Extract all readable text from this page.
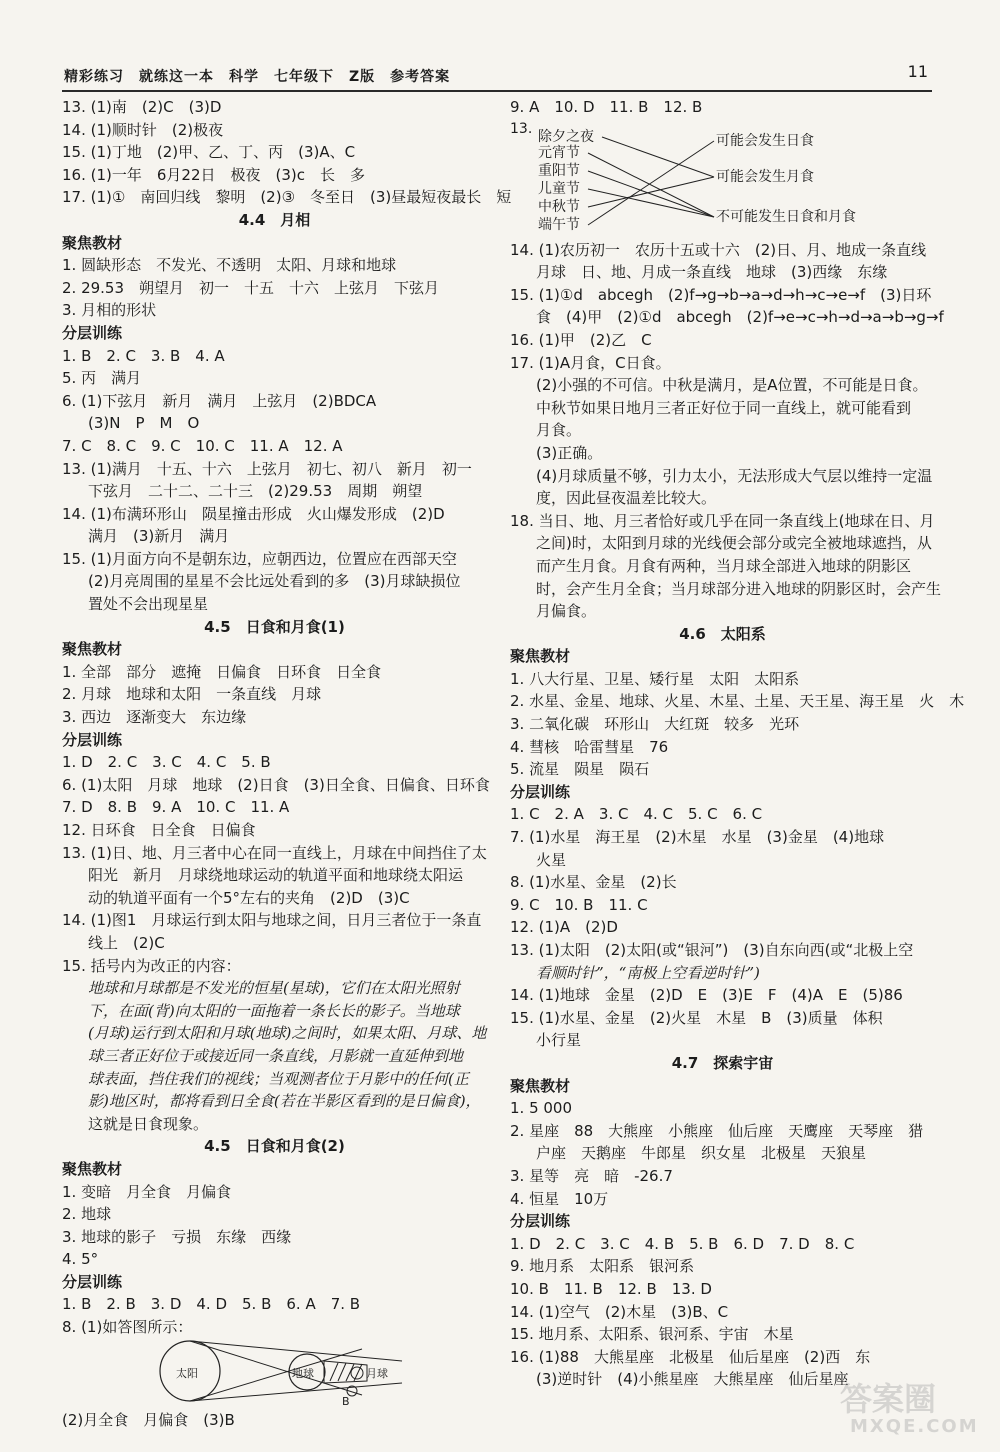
精彩练习　就练这一本　科学　七年级下　Z版　参考答案	11
13. (1)南　(2)C　(3)D
14. (1)顺时针　(2)极夜
15. (1)丁地　(2)甲、乙、丁、丙　(3)A、C
16. (1)一年　6月22日　极夜　(3)c　长　多
17. (1)①　南回归线　黎明　(2)③　冬至日　(3)昼最短夜最长　短
4.4　月相
聚焦教材
1. 圆缺形态　不发光、不透明　太阳、月球和地球
2. 29.53　朔望月　初一　十五　十六　上弦月　下弦月
3. 月相的形状
分层训练
1. B　2. C　3. B　4. A
5. 丙　满月
6. (1)下弦月　新月　满月　上弦月　(2)BDCA
(3)N　P　M　O
7. C　8. C　9. C　10. C　11. A　12. A
13. (1)满月　十五、十六　上弦月　初七、初八　新月　初一
下弦月　二十二、二十三　(2)29.53　周期　朔望
14. (1)布满环形山　陨星撞击形成　火山爆发形成　(2)D
满月　(3)新月　满月
15. (1)月面方向不是朝东边，应朝西边，位置应在西部天空
(2)月亮周围的星星不会比远处看到的多　(3)月球缺损位
置处不会出现星星
4.5　日食和月食(1)
聚焦教材
1. 全部　部分　遮掩　日偏食　日环食　日全食
2. 月球　地球和太阳　一条直线　月球
3. 西边　逐渐变大　东边缘
分层训练
1. D　2. C　3. C　4. C　5. B
6. (1)太阳　月球　地球　(2)日食　(3)日全食、日偏食、日环食
7. D　8. B　9. A　10. C　11. A
12. 日环食　日全食　日偏食
13. (1)日、地、月三者中心在同一直线上，月球在中间挡住了太
阳光　新月　月球绕地球运动的轨道平面和地球绕太阳运
动的轨道平面有一个5°左右的夹角　(2)D　(3)C
14. (1)图1　月球运行到太阳与地球之间，日月三者位于一条直
线上　(2)C
15. 括号内为改正的内容：
地球和月球都是不发光的恒星(星球)，它们在太阳光照射
下，在面(背)向太阳的一面拖着一条长长的影子。当地球
(月球)运行到太阳和月球(地球)之间时，如果太阳、月球、地
球三者正好位于或接近同一条直线，月影就一直延伸到地
球表面，挡住我们的视线；当观测者位于月影中的任何(正
影)地区时，都将看到日全食(若在半影区看到的是日偏食)，
这就是日食现象。
4.5　日食和月食(2)
聚焦教材
1. 变暗　月全食　月偏食
2. 地球
3. 地球的影子　亏损　东缘　西缘
4. 5°
分层训练
1. B　2. B　3. D　4. D　5. B　6. A　7. B
8. (1)如答图所示：
太阳	地球	月球
B
(2)月全食　月偏食　(3)B
9. A　10. D　11. B　12. B
13. 除夕之夜
元宵节
重阳节
儿童节
中秋节
端午节
可能会发生日食
可能会发生月食
不可能发生日食和月食
14. (1)农历初一　农历十五或十六　(2)日、月、地成一条直线
月球　日、地、月成一条直线　地球　(3)西缘　东缘
15. (1)①d　abcegh　(2)f→g→b→a→d→h→c→e→f　(3)日环
食　(4)甲　(2)①d　abcegh　(2)f→e→c→h→d→a→b→g→f
16. (1)甲　(2)乙　C
17. (1)A月食，C日食。
(2)小强的不可信。中秋是满月，是A位置，不可能是日食。
中秋节如果日地月三者正好位于同一直线上，就可能看到
月食。
(3)正确。
(4)月球质量不够，引力太小，无法形成大气层以维持一定温
度，因此昼夜温差比较大。
18. 当日、地、月三者恰好或几乎在同一条直线上(地球在日、月
之间)时，太阳到月球的光线便会部分或完全被地球遮挡，从
而产生月食。月食有两种，当月球全部进入地球的阴影区
时，会产生月全食；当月球部分进入地球的阴影区时，会产生
月偏食。
4.6　太阳系
聚焦教材
1. 八大行星、卫星、矮行星　太阳　太阳系
2. 水星、金星、地球、火星、木星、土星、天王星、海王星　火　木
3. 二氧化碳　环形山　大红斑　较多　光环
4. 彗核　哈雷彗星　76
5. 流星　陨星　陨石
分层训练
1. C　2. A　3. C　4. C　5. C　6. C
7. (1)水星　海王星　(2)木星　水星　(3)金星　(4)地球
火星
8. (1)水星、金星　(2)长
9. C　10. B　11. C
12. (1)A　(2)D
13. (1)太阳　(2)太阳(或“银河”)　(3)自东向西(或“北极上空
看顺时针”，“南极上空看逆时针”)
14. (1)地球　金星　(2)D　E　(3)E　F　(4)A　E　(5)86
15. (1)水星、金星　(2)火星　木星　B　(3)质量　体积
小行星
4.7　探索宇宙
聚焦教材
1. 5 000
2. 星座　88　大熊座　小熊座　仙后座　天鹰座　天琴座　猎
户座　天鹅座　牛郎星　织女星　北极星　天狼星
3. 星等　亮　暗　-26.7
4. 恒星　10万
分层训练
1. D　2. C　3. C　4. B　5. B　6. D　7. D　8. C
9. 地月系　太阳系　银河系
10. B　11. B　12. B　13. D
14. (1)空气　(2)木星　(3)B、C
15. 地月系、太阳系、银河系、宇宙　木星
16. (1)88　大熊星座　北极星　仙后星座　(2)西　东
(3)逆时针　(4)小熊星座　大熊星座　仙后星座
答案圈
MXQE.COM
